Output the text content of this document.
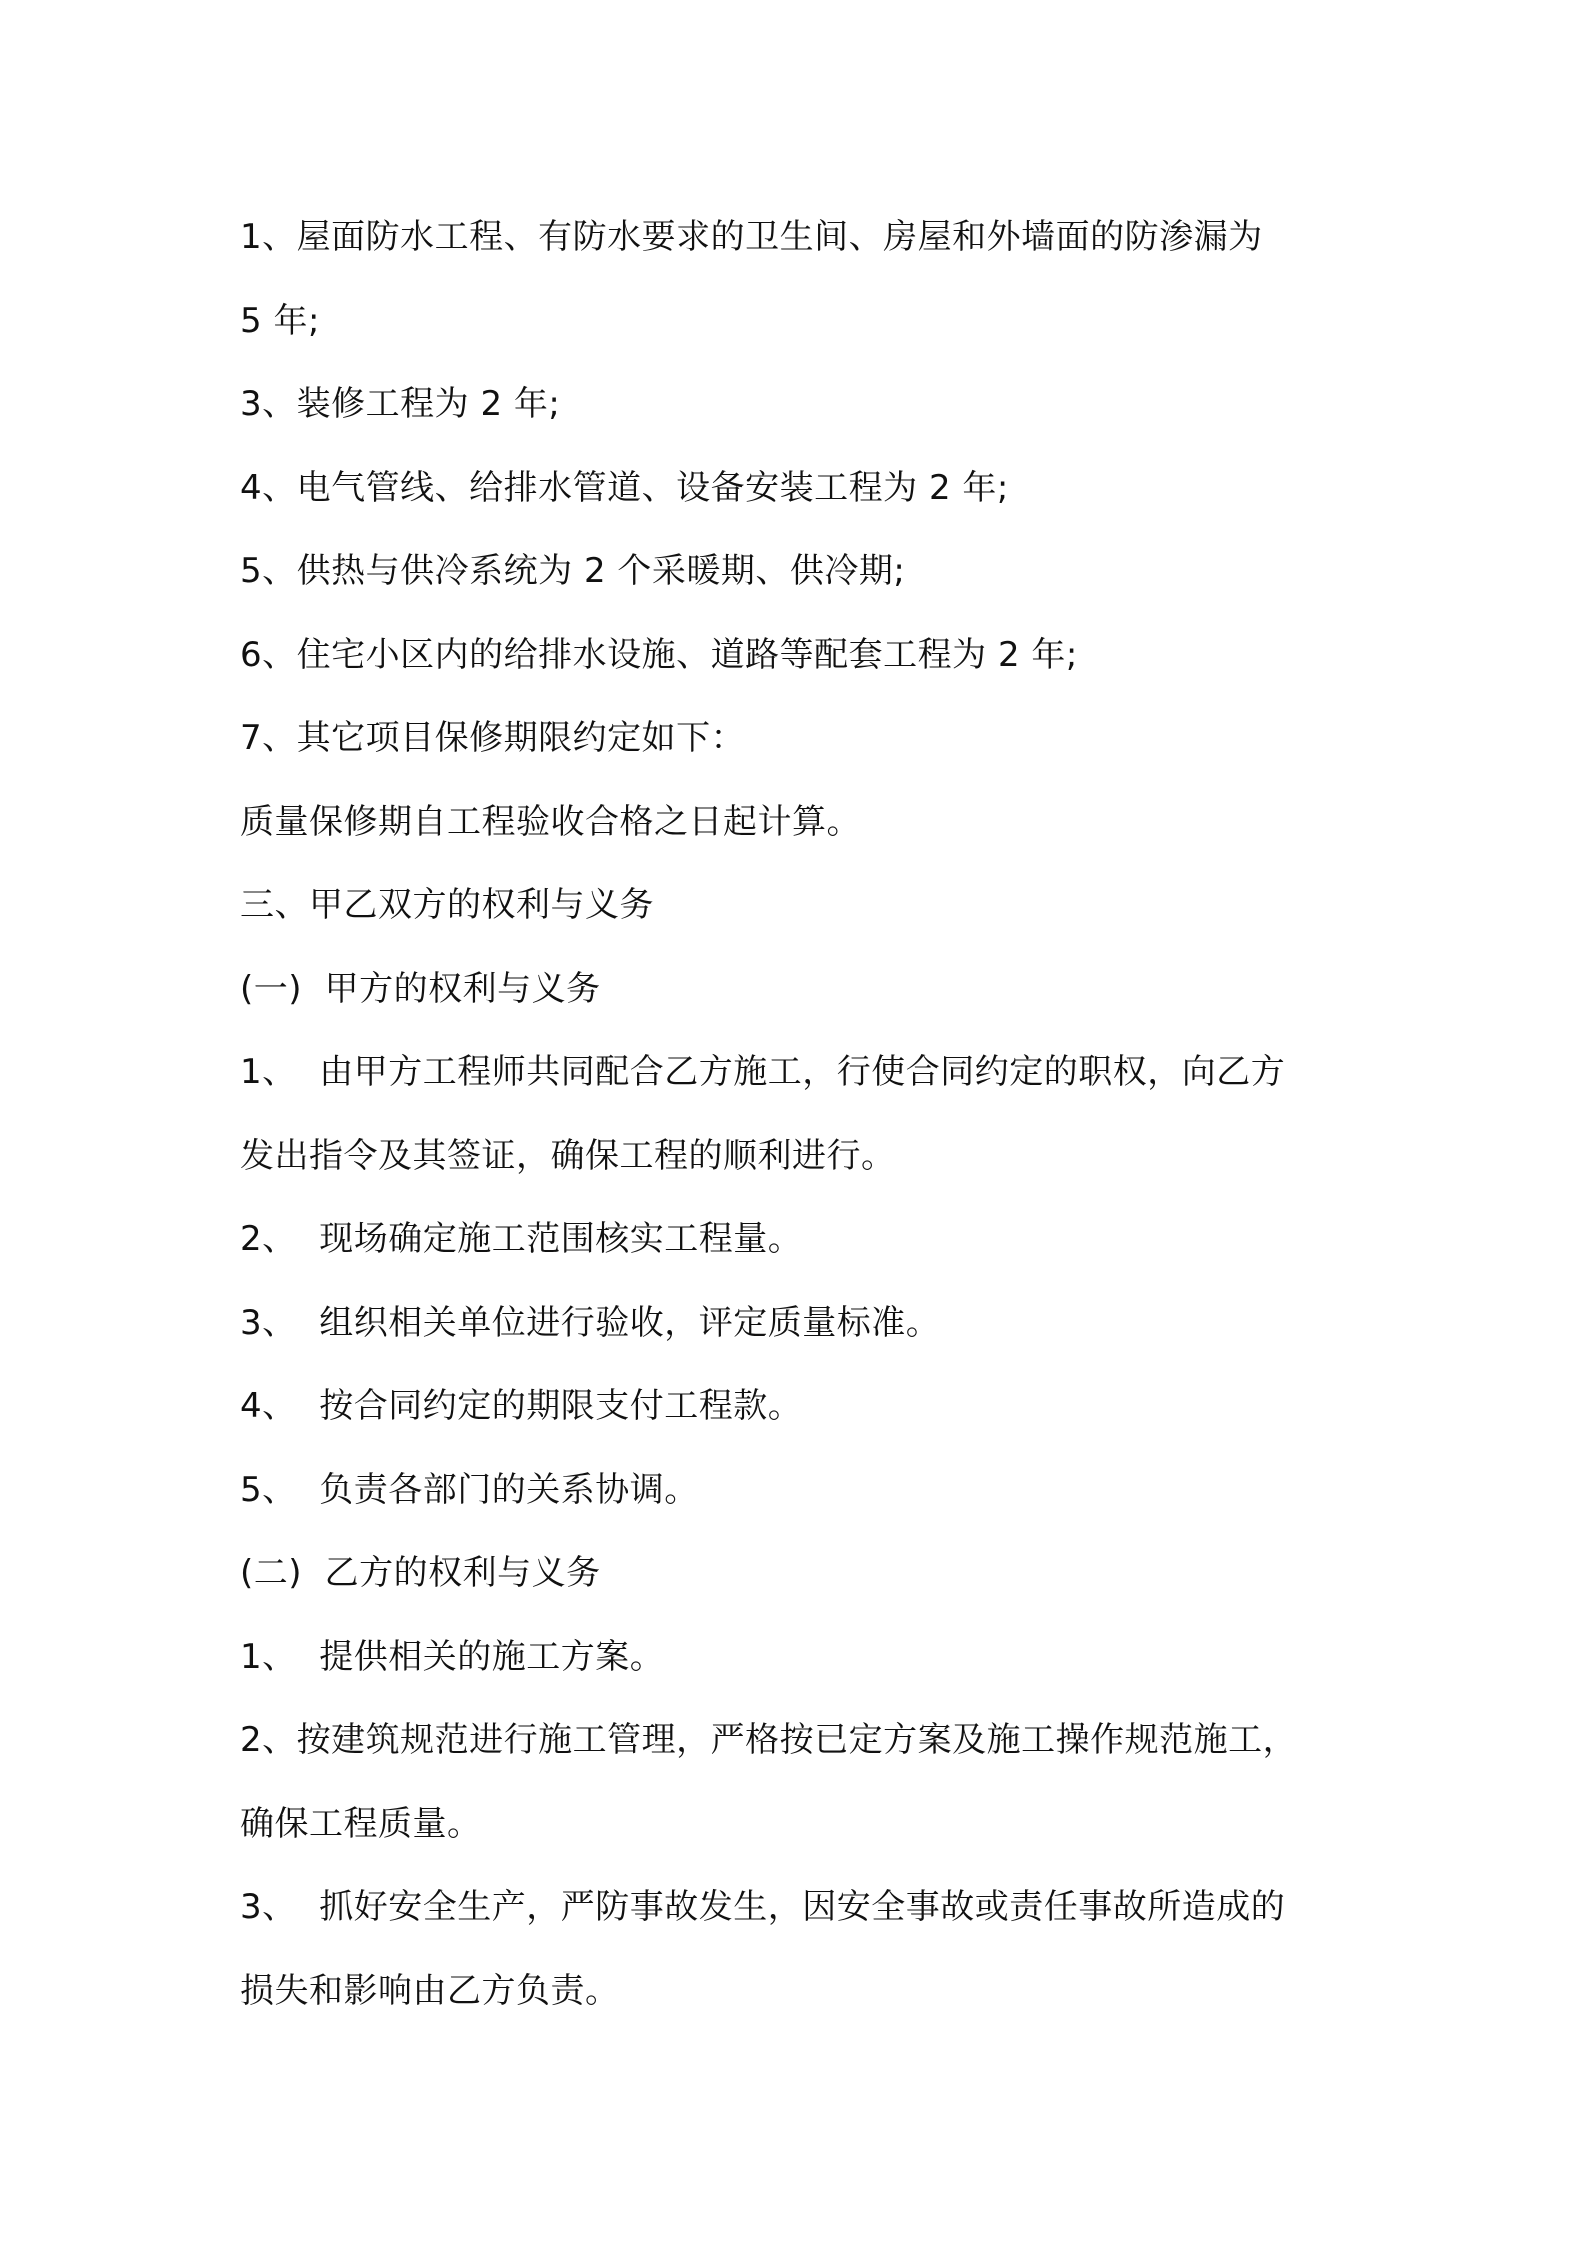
1、屋面防水工程、有防水要求的卫生间、房屋和外墙面的防渗漏为
5 年;
3、装修工程为 2 年;
4、电气管线、给排水管道、设备安装工程为 2 年;
5、供热与供冷系统为 2 个采暖期、供冷期;
6、住宅小区内的给排水设施、道路等配套工程为 2 年;
7、其它项目保修期限约定如下：
质量保修期自工程验收合格之日起计算。
三、甲乙双方的权利与义务
(一)  甲方的权利与义务
1、  由甲方工程师共同配合乙方施工，行使合同约定的职权，向乙方
发出指令及其签证，确保工程的顺利进行。
2、  现场确定施工范围核实工程量。
3、  组织相关单位进行验收，评定质量标准。
4、  按合同约定的期限支付工程款。
5、  负责各部门的关系协调。
(二)  乙方的权利与义务
1、  提供相关的施工方案。
2、按建筑规范进行施工管理，严格按已定方案及施工操作规范施工，
确保工程质量。
3、  抓好安全生产，严防事故发生，因安全事故或责任事故所造成的
损失和影响由乙方负责。
